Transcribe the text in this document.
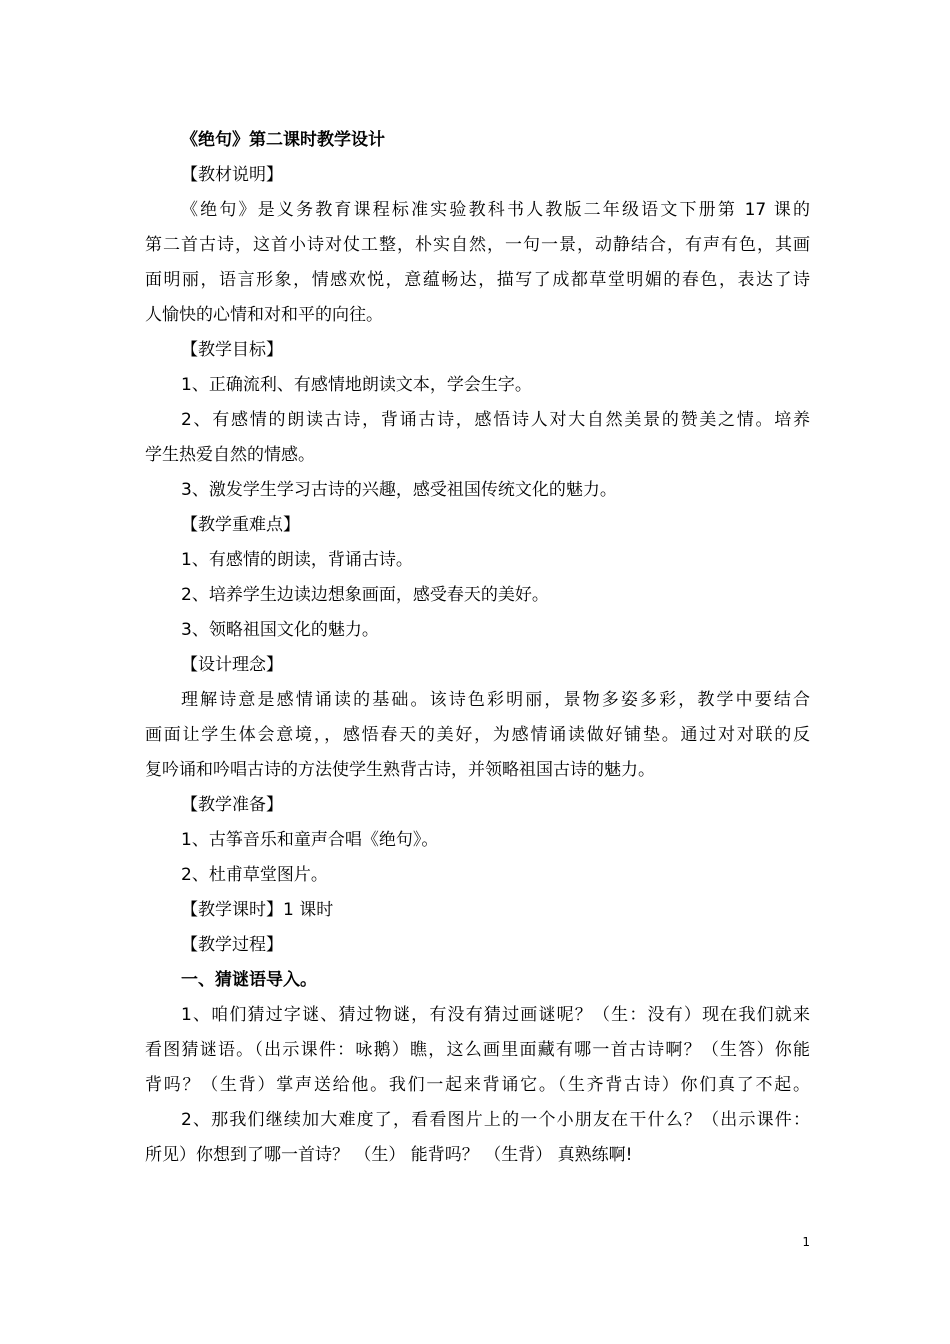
《绝句》第二课时教学设计
【教材说明】
《绝句》是义务教育课程标准实验教科书人教版二年级语文下册第 17 课的
第二首古诗，这首小诗对仗工整，朴实自然，一句一景，动静结合，有声有色，其画
面明丽，语言形象，情感欢悦，意蕴畅达，描写了成都草堂明媚的春色，表达了诗
人愉快的心情和对和平的向往。
【教学目标】
1、正确流利、有感情地朗读文本，学会生字。
2、有感情的朗读古诗，背诵古诗，感悟诗人对大自然美景的赞美之情。培养
学生热爱自然的情感。
3、激发学生学习古诗的兴趣，感受祖国传统文化的魅力。
【教学重难点】
1、有感情的朗读，背诵古诗。
2、培养学生边读边想象画面，感受春天的美好。
3、领略祖国文化的魅力。
【设计理念】
理解诗意是感情诵读的基础。该诗色彩明丽，景物多姿多彩，教学中要结合
画面让学生体会意境，，感悟春天的美好，为感情诵读做好铺垫。通过对对联的反
复吟诵和吟唱古诗的方法使学生熟背古诗，并领略祖国古诗的魅力。
【教学准备】
1、古筝音乐和童声合唱《绝句》。
2、杜甫草堂图片。
【教学课时】1 课时
【教学过程】
一、猜谜语导入。
1、咱们猜过字谜、猜过物谜，有没有猜过画谜呢？（生：没有）现在我们就来
看图猜谜语。（出示课件：咏鹅）瞧，这么画里面藏有哪一首古诗啊？（生答）你能
背吗？（生背）掌声送给他。我们一起来背诵它。（生齐背古诗）你们真了不起。
2、那我们继续加大难度了，看看图片上的一个小朋友在干什么？（出示课件：
所见）你想到了哪一首诗？ （生） 能背吗？ （生背） 真熟练啊!
1
